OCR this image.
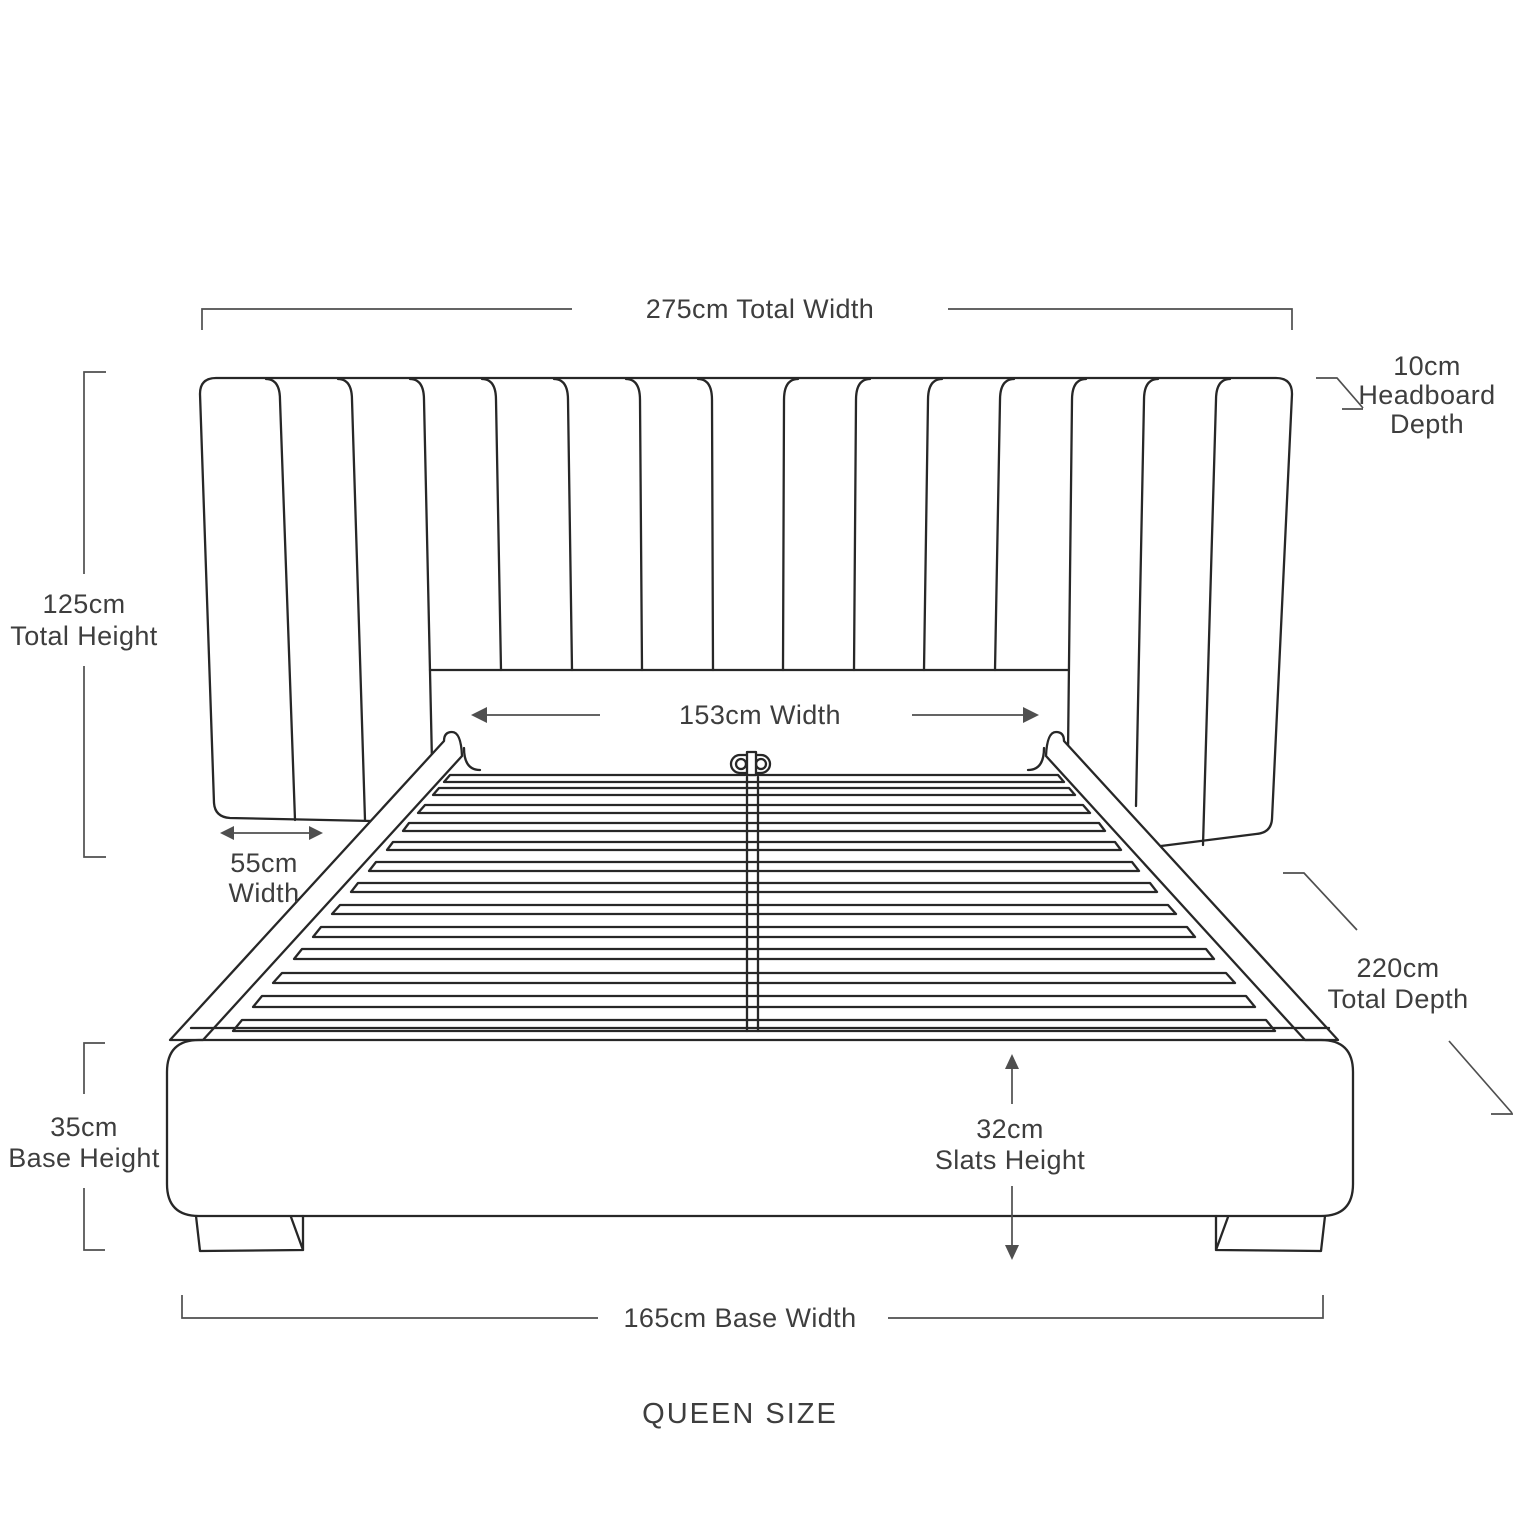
275cm Total Width
10cm
Headboard
Depth
125cm
Total Height
153cm Width
55cm
Width
220cm
Total Depth
35cm
Base Height
32cm
Slats Height
165cm Base Width
QUEEN SIZE
